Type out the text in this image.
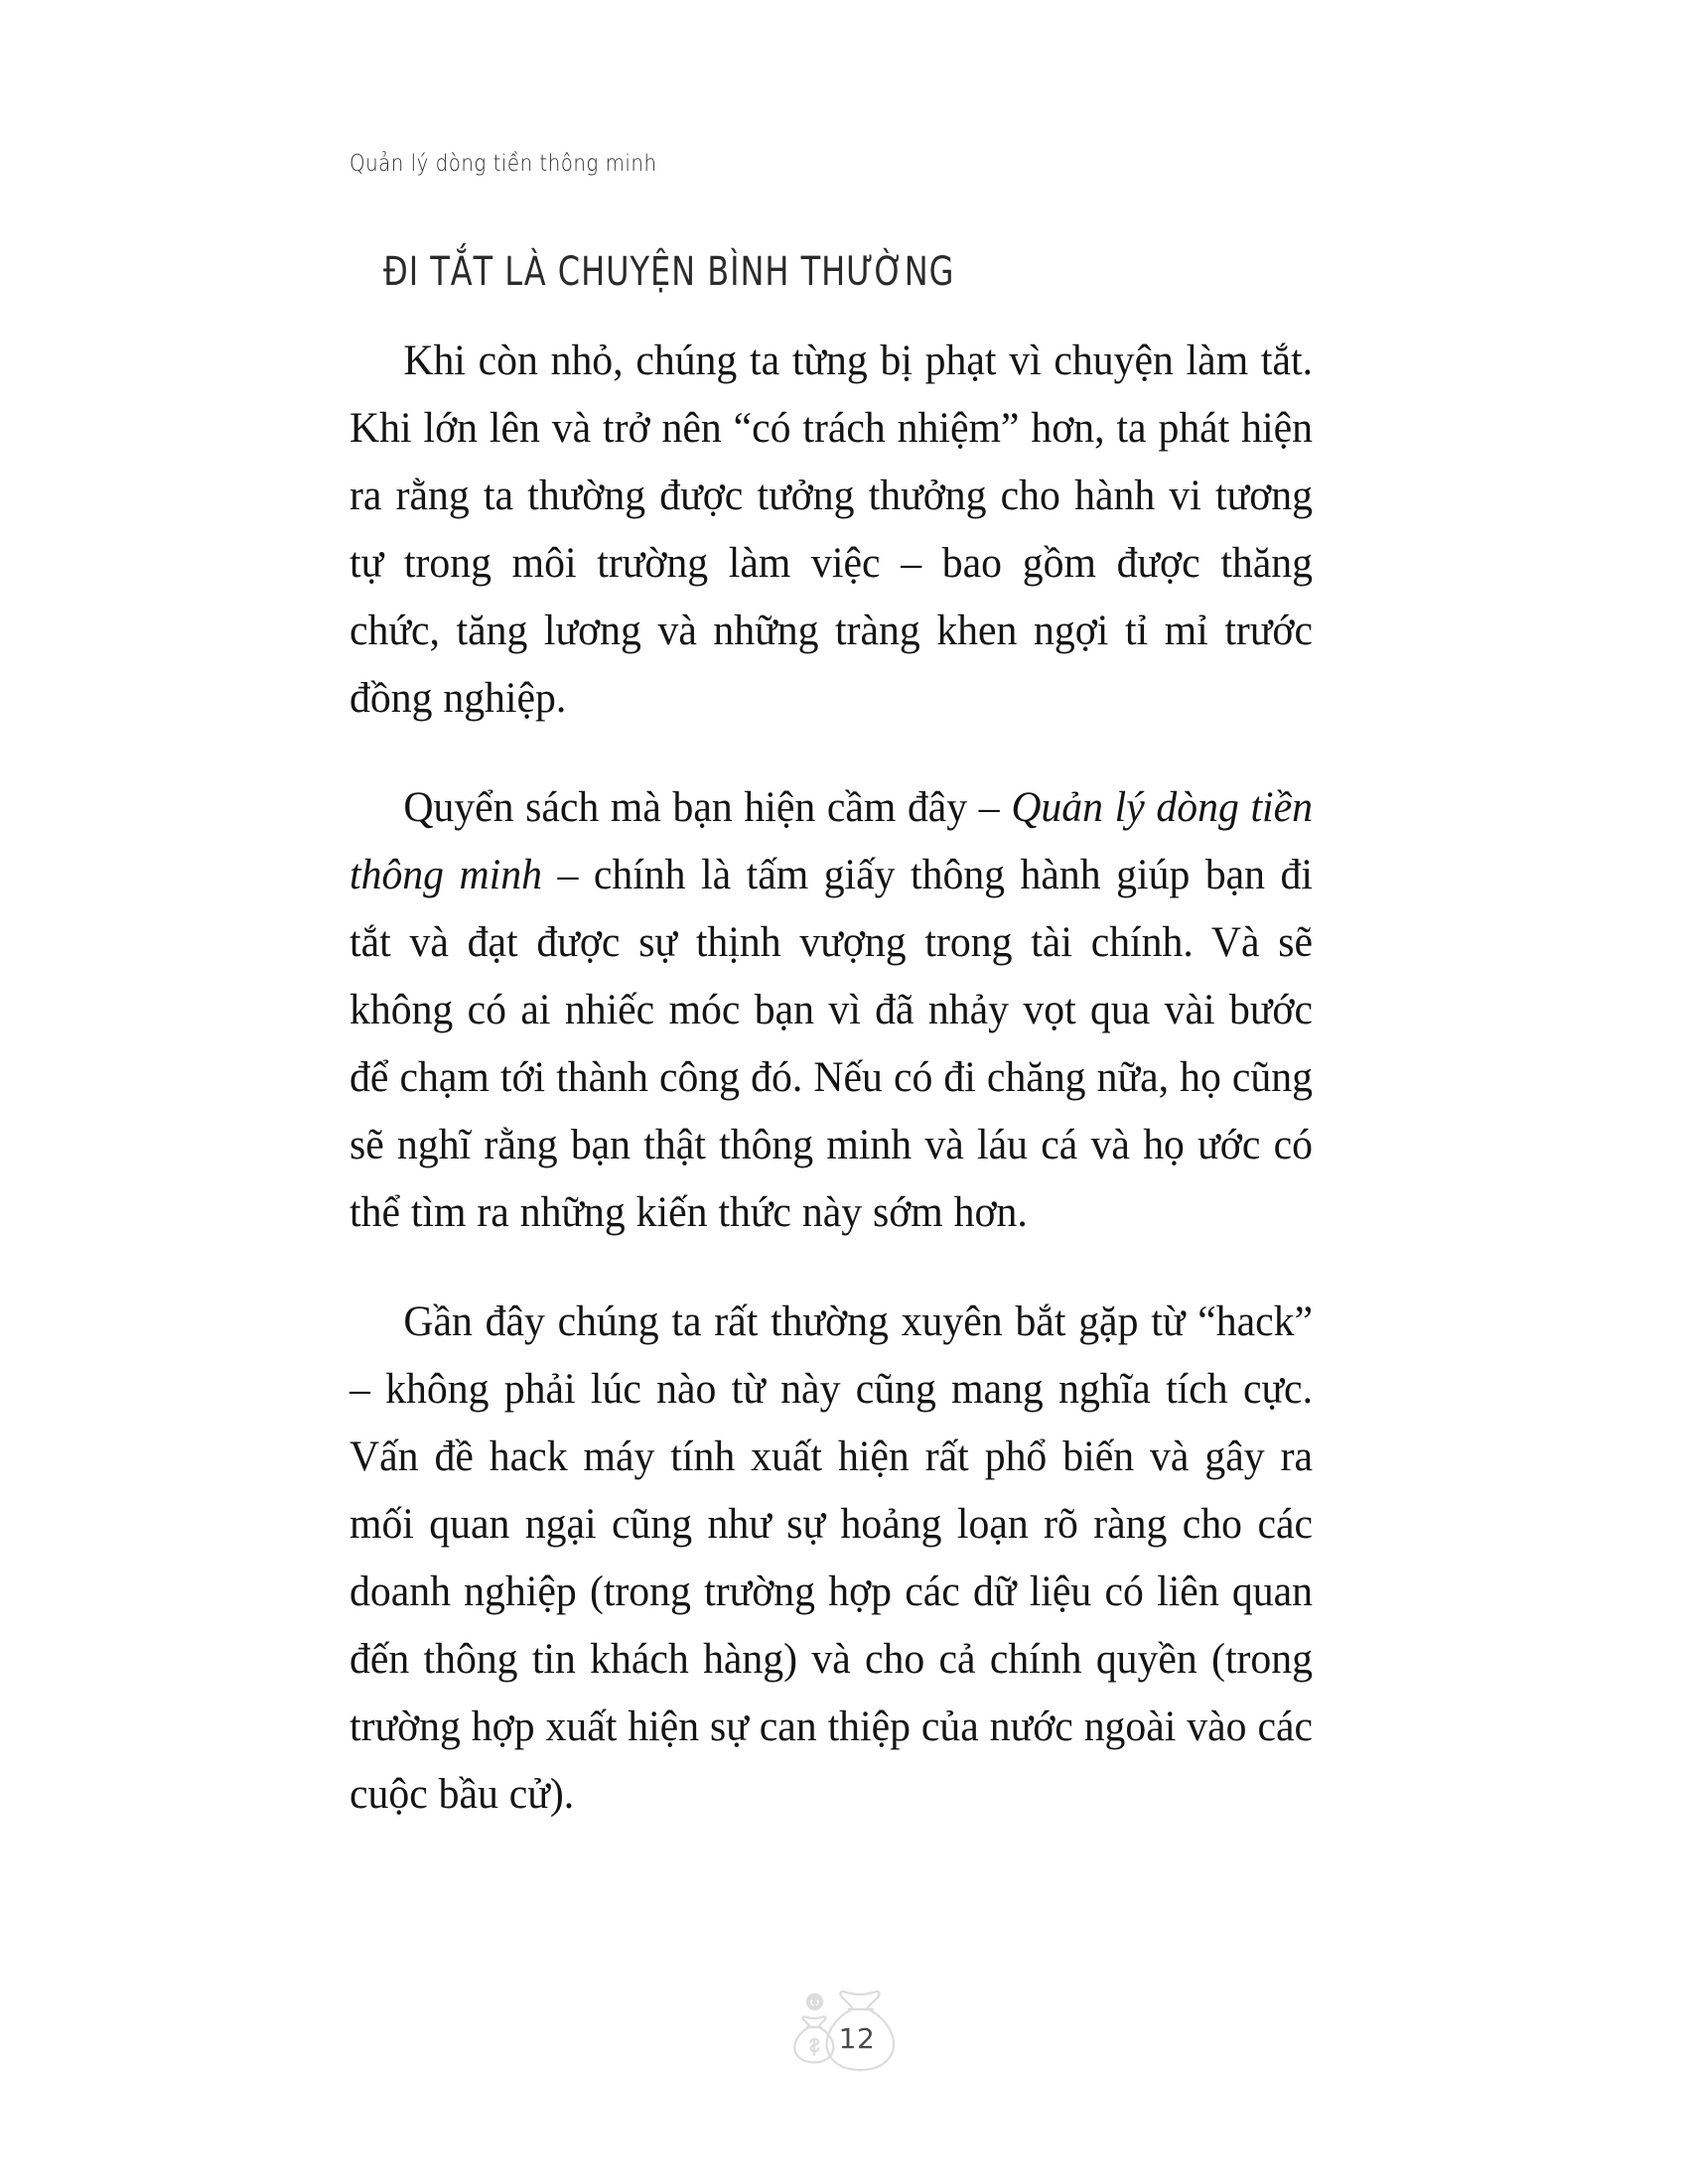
Quản lý dòng tiền thông minh
ĐI TẮT LÀ CHUYỆN BÌNH THƯỜNG

Khi còn nhỏ, chúng ta từng bị phạt vì chuyện làm tắt. Khi lớn lên và trở nên “có trách nhiệm” hơn, ta phát hiện ra rằng ta thường được tưởng thưởng cho hành vi tương tự trong môi trường làm việc – bao gồm được thăng chức, tăng lương và những tràng khen ngợi tỉ mỉ trước đồng nghiệp.

Quyển sách mà bạn hiện cầm đây – Quản lý dòng tiền thông minh – chính là tấm giấy thông hành giúp bạn đi tắt và đạt được sự thịnh vượng trong tài chính. Và sẽ không có ai nhiếc móc bạn vì đã nhảy vọt qua vài bước để chạm tới thành công đó. Nếu có đi chăng nữa, họ cũng sẽ nghĩ rằng bạn thật thông minh và láu cá và họ ước có thể tìm ra những kiến thức này sớm hơn.

Gần đây chúng ta rất thường xuyên bắt gặp từ “hack” – không phải lúc nào từ này cũng mang nghĩa tích cực. Vấn đề hack máy tính xuất hiện rất phổ biến và gây ra mối quan ngại cũng như sự hoảng loạn rõ ràng cho các doanh nghiệp (trong trường hợp các dữ liệu có liên quan đến thông tin khách hàng) và cho cả chính quyền (trong trường hợp xuất hiện sự can thiệp của nước ngoài vào các cuộc bầu cử).

12
